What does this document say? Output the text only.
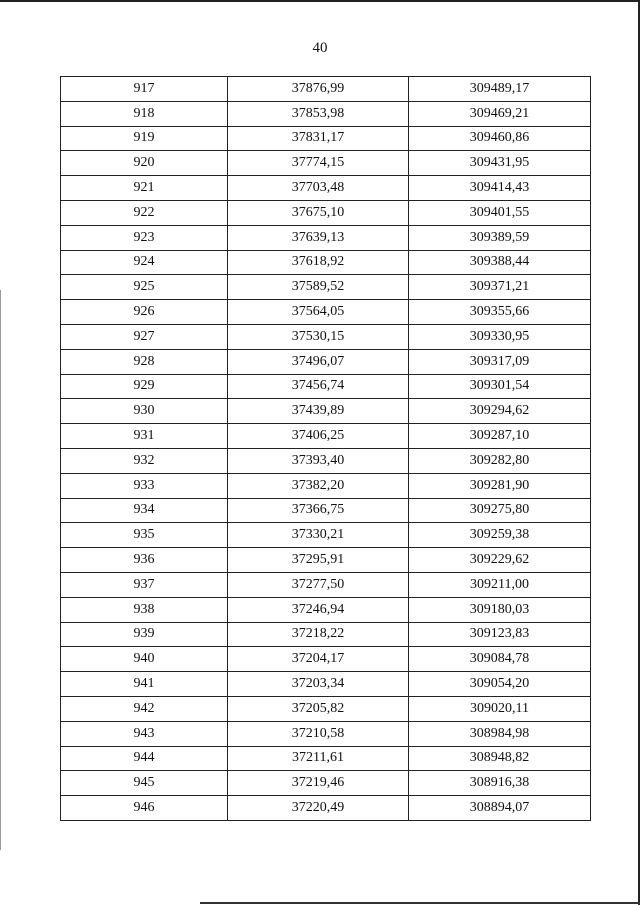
40
917	37876,99	309489,17
918	37853,98	309469,21
919	37831,17	309460,86
920	37774,15	309431,95
921	37703,48	309414,43
922	37675,10	309401,55
923	37639,13	309389,59
924	37618,92	309388,44
925	37589,52	309371,21
926	37564,05	309355,66
927	37530,15	309330,95
928	37496,07	309317,09
929	37456,74	309301,54
930	37439,89	309294,62
931	37406,25	309287,10
932	37393,40	309282,80
933	37382,20	309281,90
934	37366,75	309275,80
935	37330,21	309259,38
936	37295,91	309229,62
937	37277,50	309211,00
938	37246,94	309180,03
939	37218,22	309123,83
940	37204,17	309084,78
941	37203,34	309054,20
942	37205,82	309020,11
943	37210,58	308984,98
944	37211,61	308948,82
945	37219,46	308916,38
946	37220,49	308894,07
